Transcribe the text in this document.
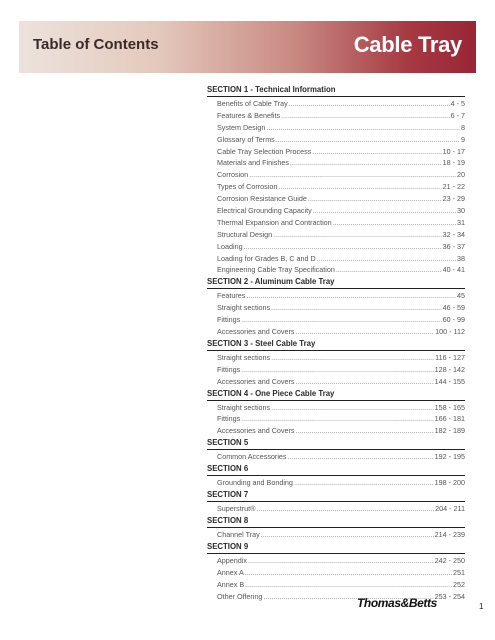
Table of Contents	Cable Tray
SECTION 1 - Technical Information
Benefits of Cable Tray .....	4 - 5
Features & Benefits .....	6 - 7
System Design .....	8
Glossary of Terms .....	9
Cable Tray Selection Process .....	10 - 17
Materials and Finishes .....	18 - 19
Corrosion .....	20
Types of Corrosion .....	21 - 22
Corrosion Resistance Guide .....	23 - 29
Electrical Grounding Capacity .....	30
Thermal Expansion and Contraction .....	31
Structural Design .....	32 - 34
Loading .....	36 - 37
Loading for Grades B, C and D .....	38
Engineering Cable Tray Specification .....	40 - 41
SECTION 2 - Aluminum Cable Tray
Features .....	45
Straight sections .....	46 - 59
Fittings .....	60 - 99
Accessories and Covers .....	100 - 112
SECTION 3 - Steel Cable Tray
Straight sections .....	116 - 127
Fittings .....	128 - 142
Accessories and Covers .....	144 - 155
SECTION 4 - One Piece Cable Tray
Straight sections .....	158 - 165
Fittings .....	166 - 181
Accessories and Covers .....	182 - 189
SECTION 5
Common Accessories .....	192 - 195
SECTION 6
Grounding and Bonding .....	198 - 200
SECTION 7
Superstrut® .....	204 - 211
SECTION 8
Channel Tray .....	214 - 239
SECTION 9
Appendix .....	242 - 250
Annex A .....	251
Annex B .....	252
Other Offering .....	253 - 254
Thomas&Betts	1
